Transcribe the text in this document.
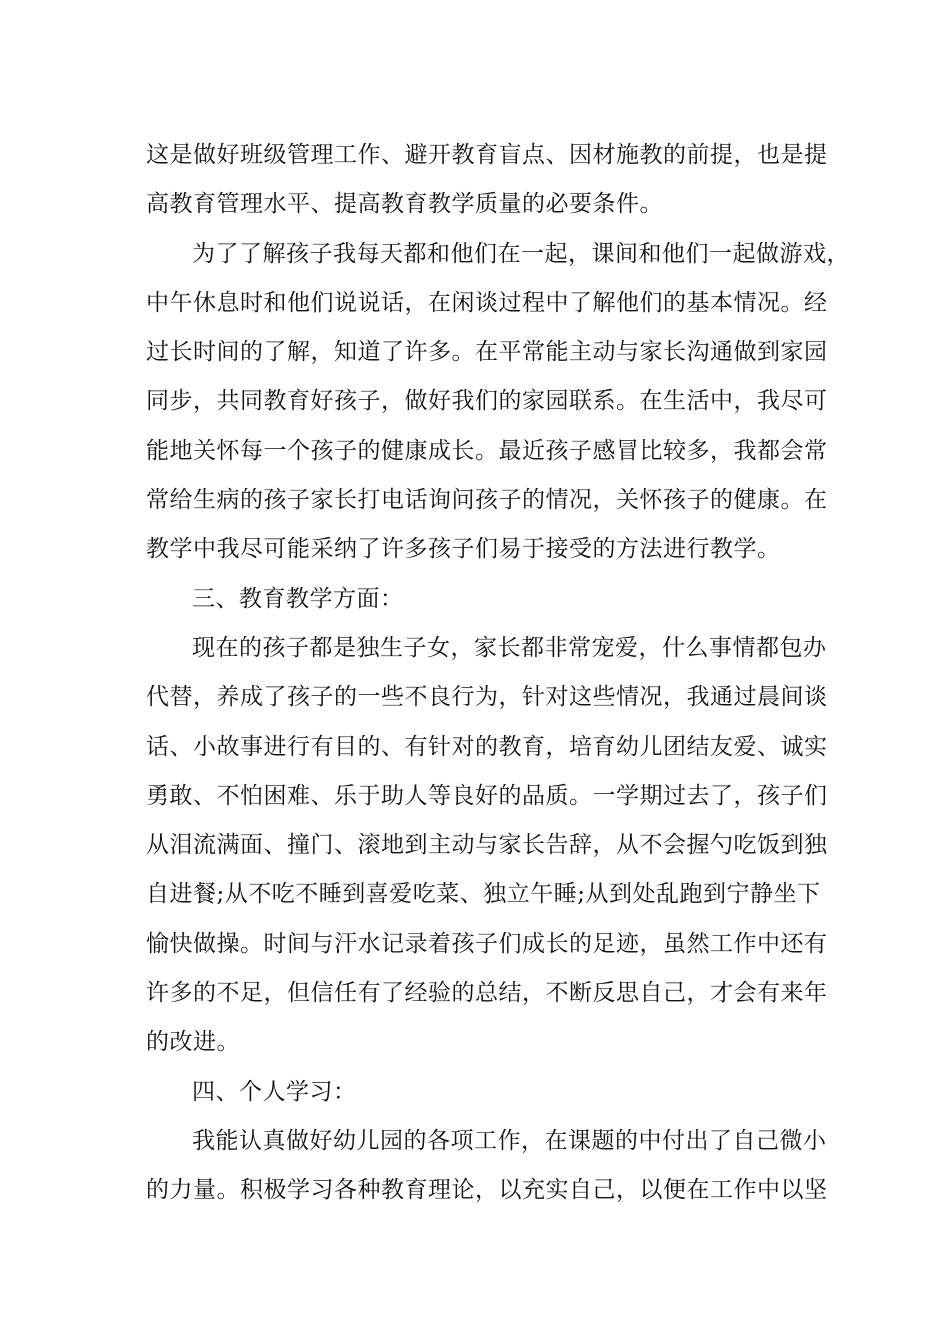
这是做好班级管理工作、避开教育盲点、因材施教的前提，也是提
高教育管理水平、提高教育教学质量的必要条件。
为了了解孩子我每天都和他们在一起，课间和他们一起做游戏，
中午休息时和他们说说话，在闲谈过程中了解他们的基本情况。经
过长时间的了解，知道了许多。在平常能主动与家长沟通做到家园
同步，共同教育好孩子，做好我们的家园联系。在生活中，我尽可
能地关怀每一个孩子的健康成长。最近孩子感冒比较多，我都会常
常给生病的孩子家长打电话询问孩子的情况，关怀孩子的健康。在
教学中我尽可能采纳了许多孩子们易于接受的方法进行教学。
三、教育教学方面：
现在的孩子都是独生子女，家长都非常宠爱，什么事情都包办
代替，养成了孩子的一些不良行为，针对这些情况，我通过晨间谈
话、小故事进行有目的、有针对的教育，培育幼儿团结友爱、诚实
勇敢、不怕困难、乐于助人等良好的品质。一学期过去了，孩子们
从泪流满面、撞门、滚地到主动与家长告辞，从不会握勺吃饭到独
自进餐;从不吃不睡到喜爱吃菜、独立午睡;从到处乱跑到宁静坐下
愉快做操。时间与汗水记录着孩子们成长的足迹，虽然工作中还有
许多的不足，但信任有了经验的总结，不断反思自己，才会有来年
的改进。
四、个人学习：
我能认真做好幼儿园的各项工作，在课题的中付出了自己微小
的力量。积极学习各种教育理论，以充实自己，以便在工作中以坚
